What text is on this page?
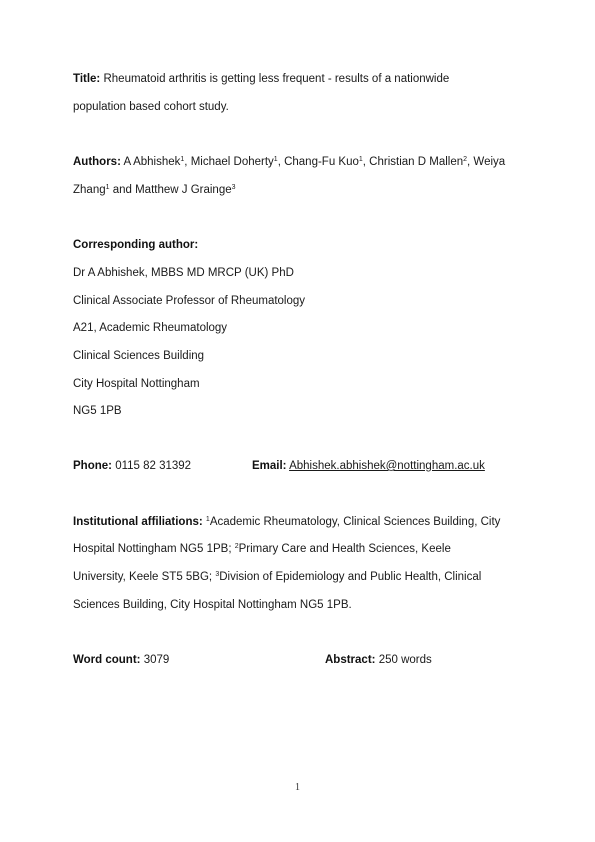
Title: Rheumatoid arthritis is getting less frequent - results of a nationwide
population based cohort study.
Authors: A Abhishek$^1$, Michael Doherty$^1$, Chang-Fu Kuo$^1$, Christian D Mallen$^2$, Weiya
Zhang$^1$ and Matthew J Grainge$^3$
Corresponding author:
Dr A Abhishek, MBBS MD MRCP (UK) PhD
Clinical Associate Professor of Rheumatology
A21, Academic Rheumatology
Clinical Sciences Building
City Hospital Nottingham
NG5 1PB
Phone: 0115 82 31392	Email: Abhishek.abhishek@nottingham.ac.uk
Institutional affiliations: $^1$Academic Rheumatology, Clinical Sciences Building, City
Hospital Nottingham NG5 1PB; $^2$Primary Care and Health Sciences, Keele
University, Keele ST5 5BG; $^3$Division of Epidemiology and Public Health, Clinical
Sciences Building, City Hospital Nottingham NG5 1PB.
Word count: 3079	Abstract: 250 words
1
